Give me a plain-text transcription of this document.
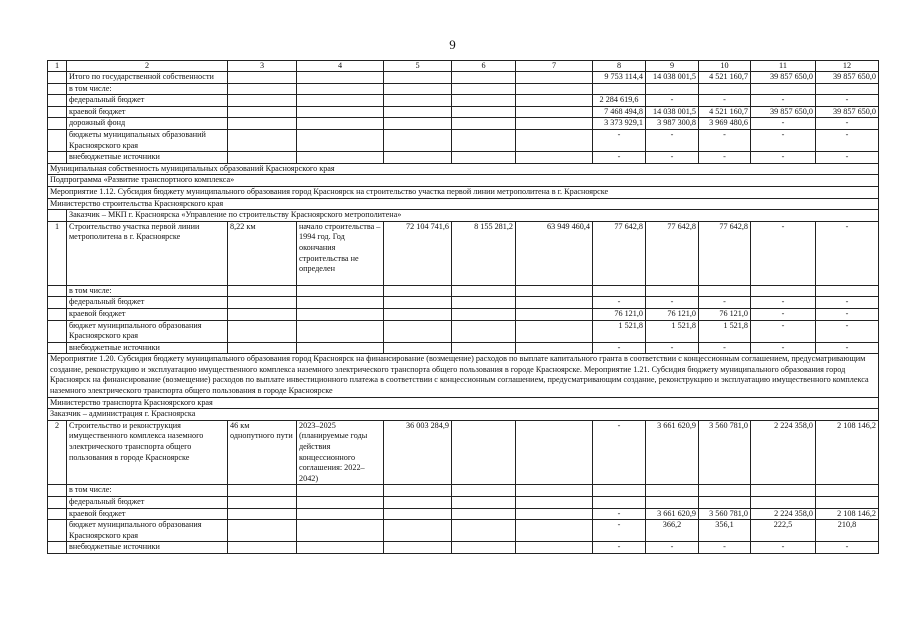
9
1	2	3	4	5	6	7	8	9	10	11	12
	Итого по государственной собственности						9 753 114,4	14 038 001,5	4 521 160,7	39 857 650,0	39 857 650,0
	в том числе:										
	федеральный бюджет						2 284 619,6	-	-	-	-
	краевой бюджет						7 468 494,8	14 038 001,5	4 521 160,7	39 857 650,0	39 857 650,0
	дорожный фонд						3 373 929,1	3 987 300,8	3 969 480,6	-	-
	бюджеты муниципальных образований Красноярского края						-	-	-	-	-
	внебюджетные источники						-	-	-	-	-
Муниципальная собственность муниципальных образований Красноярского края											
Подпрограмма «Развитие транспортного комплекса»											
Мероприятие 1.12. Субсидия бюджету муниципального образования город Красноярск на строительство участка первой линии метрополитена в г. Красноярске											
Министерство строительства Красноярского края											
	Заказчик – МКП г. Красноярска «Управление по строительству Красноярского метрополитена»										
1	Строительство участка первой линии метрополитена в г. Красноярске	8,22 км	начало строительства – 1994 год. Год окончания строительства не определен	72 104 741,6	8 155 281,2	63 949 460,4	77 642,8	77 642,8	77 642,8	-	-
	в том числе:										
	федеральный бюджет						-	-	-	-	-
	краевой бюджет						76 121,0	76 121,0	76 121,0	-	-
	бюджет муниципального образования Красноярского края						1 521,8	1 521,8	1 521,8	-	-
	внебюджетные источники						-	-	-	-	-
Мероприятие 1.20. Субсидия бюджету муниципального образования город Красноярск на финансирование (возмещение) расходов по выплате капитального гранта в соответствии с концессионным соглашением, предусматривающим создание, реконструкцию и эксплуатацию имущественного комплекса наземного электрического транспорта общего пользования в городе Красноярске. Мероприятие 1.21. Субсидия бюджету муниципального образования город Красноярск на финансирование (возмещение) расходов по выплате инвестиционного платежа в соответствии с концессионным соглашением, предусматривающим создание, реконструкцию и эксплуатацию имущественного комплекса наземного электрического транспорта общего пользования в городе Красноярске											
Министерство транспорта Красноярского края											
Заказчик – администрация г. Красноярска											
2	Строительство и реконструкция имущественного комплекса наземного электрического транспорта общего пользования в городе Красноярске	46 км однопутного пути	2023–2025 (планируемые годы действия концессионного соглашения: 2022–2042)	36 003 284,9			-	3 661 620,9	3 560 781,0	2 224 358,0	2 108 146,2
	в том числе:										
	федеральный бюджет										
	краевой бюджет						-	3 661 620,9	3 560 781,0	2 224 358,0	2 108 146,2
	бюджет муниципального образования Красноярского края						-	366,2	356,1	222,5	210,8
	внебюджетные источники						-	-	-	-	-
